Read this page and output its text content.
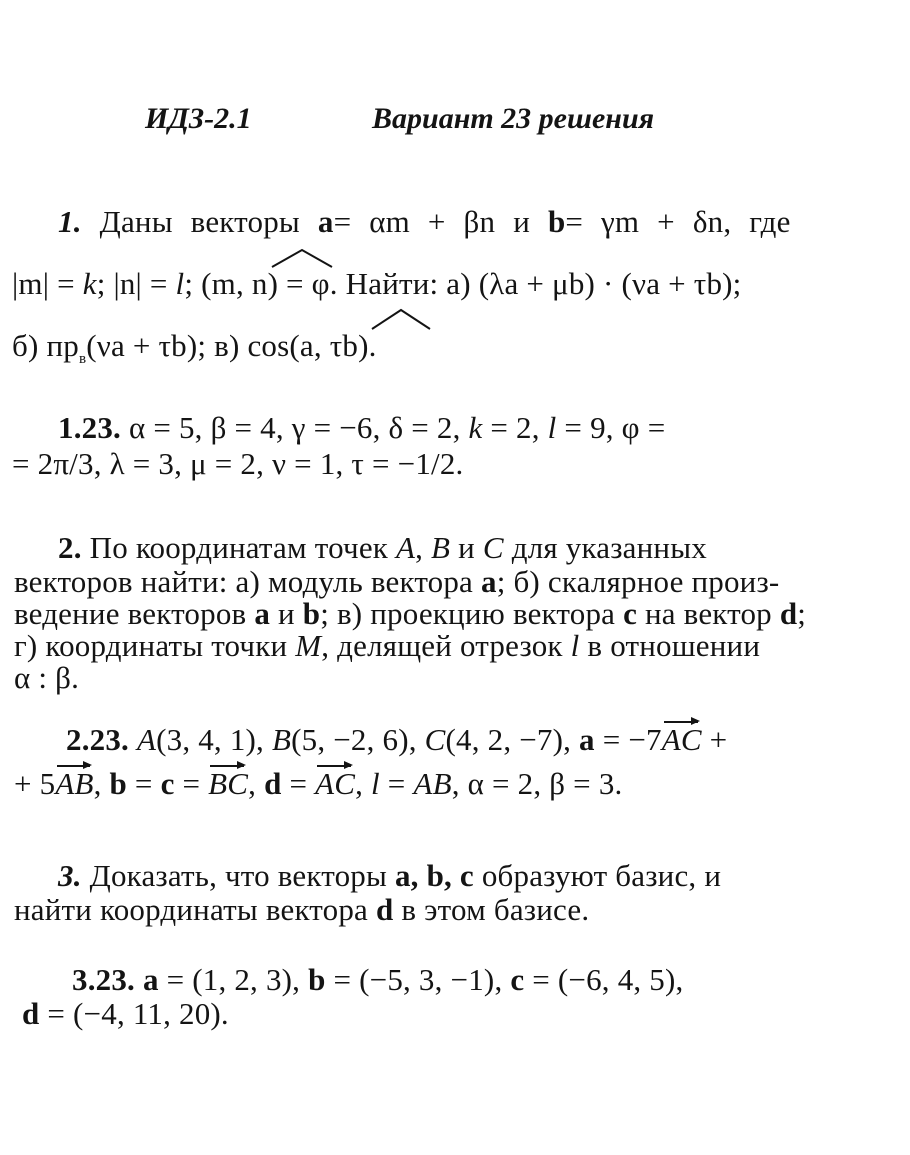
ИДЗ-2.1	Вариант 23 решения
1. Даны векторы a= αm + βn и b= γm + δn, где
|m| = k; |n| = l; (m, n) = φ. Найти: а) (λa + μb) · (νa + τb);
б) $пр_в(\nu a + \tau b)$; в) cos(a, τb).
1.23. α = 5, β = 4, γ = −6, δ = 2, k = 2, l = 9, φ =
= 2π/3, λ = 3, μ = 2, ν = 1, τ = −1/2.
2. По координатам точек A, B и C для указанных
векторов найти: а) модуль вектора a; б) скалярное произ-
ведение векторов a и b; в) проекцию вектора c на вектор d;
г) координаты точки M, делящей отрезок l в отношении
α : β.
2.23. A(3, 4, 1), B(5, −2, 6), C(4, 2, −7), a = −7AC +
+ 5AB, b = c = BC, d = AC, l = AB, α = 2, β = 3.
3. Доказать, что векторы a, b, c образуют базис, и
найти координаты вектора d в этом базисе.
3.23. a = (1, 2, 3), b = (−5, 3, −1), c = (−6, 4, 5),
d = (−4, 11, 20).
